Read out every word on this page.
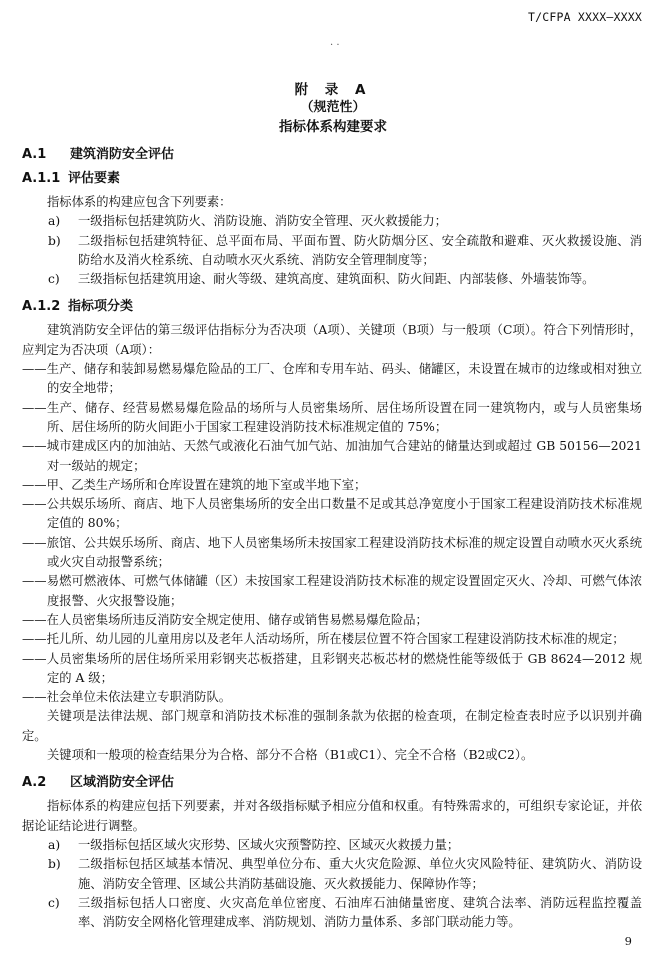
T/CFPA XXXX—XXXX
. .
附 录 A
（规范性）
指标体系构建要求
A.1 建筑消防安全评估
A.1.1 评估要素

指标体系的构建应包含下列要素：

a) 一级指标包括建筑防火、消防设施、消防安全管理、灭火救援能力；
b) 二级指标包括建筑特征、总平面布局、平面布置、防火防烟分区、安全疏散和避难、灭火救援设施、消防给水及消火栓系统、自动喷水灭火系统、消防安全管理制度等；
c) 三级指标包括建筑用途、耐火等级、建筑高度、建筑面积、防火间距、内部装修、外墙装饰等。
A.1.2 指标项分类

建筑消防安全评估的第三级评估指标分为否决项（A项）、关键项（B项）与一般项（C项）。符合下列情形时，应判定为否决项（A项）：

——生产、储存和装卸易燃易爆危险品的工厂、仓库和专用车站、码头、储罐区，未设置在城市的边缘或相对独立的安全地带；
——生产、储存、经营易燃易爆危险品的场所与人员密集场所、居住场所设置在同一建筑物内，或与人员密集场所、居住场所的防火间距小于国家工程建设消防技术标准规定值的 75%；
——城市建成区内的加油站、天然气或液化石油气加气站、加油加气合建站的储量达到或超过 GB 50156—2021 对一级站的规定；
——甲、乙类生产场所和仓库设置在建筑的地下室或半地下室；
——公共娱乐场所、商店、地下人员密集场所的安全出口数量不足或其总净宽度小于国家工程建设消防技术标准规定值的 80%；
——旅馆、公共娱乐场所、商店、地下人员密集场所未按国家工程建设消防技术标准的规定设置自动喷水灭火系统或火灾自动报警系统；
——易燃可燃液体、可燃气体储罐（区）未按国家工程建设消防技术标准的规定设置固定灭火、冷却、可燃气体浓度报警、火灾报警设施；
——在人员密集场所违反消防安全规定使用、储存或销售易燃易爆危险品；
——托儿所、幼儿园的儿童用房以及老年人活动场所，所在楼层位置不符合国家工程建设消防技术标准的规定；
——人员密集场所的居住场所采用彩钢夹芯板搭建，且彩钢夹芯板芯材的燃烧性能等级低于 GB 8624—2012 规定的 A 级；
——社会单位未依法建立专职消防队。

关键项是法律法规、部门规章和消防技术标准的强制条款为依据的检查项，在制定检查表时应予以识别并确定。

关键项和一般项的检查结果分为合格、部分不合格（B1或C1）、完全不合格（B2或C2）。

A.2 区域消防安全评估

指标体系的构建应包括下列要素，并对各级指标赋予相应分值和权重。有特殊需求的，可组织专家论证，并依据论证结论进行调整。

a) 一级指标包括区域火灾形势、区域火灾预警防控、区域灭火救援力量；
b) 二级指标包括区域基本情况、典型单位分布、重大火灾危险源、单位火灾风险特征、建筑防火、消防设施、消防安全管理、区域公共消防基础设施、灭火救援能力、保障协作等；
c) 三级指标包括人口密度、火灾高危单位密度、石油库石油储量密度、建筑合法率、消防远程监控覆盖率、消防安全网格化管理建成率、消防规划、消防力量体系、多部门联动能力等。
9
